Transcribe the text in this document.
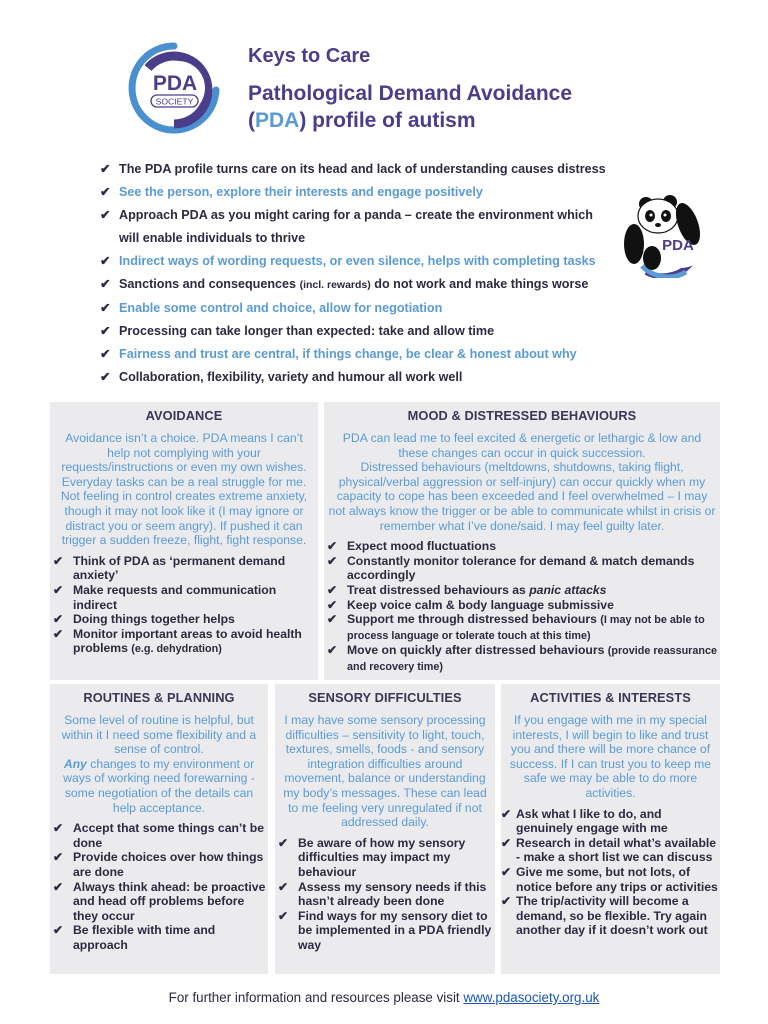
PDA
SOCIETY
Keys to Care
Pathological Demand Avoidance
(PDA) profile of autism
✔ The PDA profile turns care on its head and lack of understanding causes distress
✔ See the person, explore their interests and engage positively
✔ Approach PDA as you might caring for a panda – create the environment which
will enable individuals to thrive
✔ Indirect ways of wording requests, or even silence, helps with completing tasks
✔ Sanctions and consequences (incl. rewards) do not work and make things worse
✔ Enable some control and choice, allow for negotiation
✔ Processing can take longer than expected: take and allow time
✔ Fairness and trust are central, if things change, be clear & honest about why
✔ Collaboration, flexibility, variety and humour all work well
PDA
AVOIDANCE

Avoidance isn’t a choice. PDA means I can’t help not complying with your requests/instructions or even my own wishes. Everyday tasks can be a real struggle for me. Not feeling in control creates extreme anxiety, though it may not look like it (I may ignore or distract you or seem angry). If pushed it can trigger a sudden freeze, flight, fight response.

✔ Think of PDA as ‘permanent demand anxiety’
✔ Make requests and communication indirect
✔ Doing things together helps
✔ Monitor important areas to avoid health problems (e.g. dehydration)
MOOD & DISTRESSED BEHAVIOURS

PDA can lead me to feel excited & energetic or lethargic & low and these changes can occur in quick succession.
Distressed behaviours (meltdowns, shutdowns, taking flight, physical/verbal aggression or self-injury) can occur quickly when my capacity to cope has been exceeded and I feel overwhelmed – I may not always know the trigger or be able to communicate whilst in crisis or remember what I’ve done/said. I may feel guilty later.

✔ Expect mood fluctuations
✔ Constantly monitor tolerance for demand & match demands accordingly
✔ Treat distressed behaviours as panic attacks
✔ Keep voice calm & body language submissive
✔ Support me through distressed behaviours (I may not be able to process language or tolerate touch at this time)
✔ Move on quickly after distressed behaviours (provide reassurance and recovery time)
ROUTINES & PLANNING

Some level of routine is helpful, but within it I need some flexibility and a sense of control.
Any changes to my environment or ways of working need forewarning - some negotiation of the details can help acceptance.

✔ Accept that some things can’t be done
✔ Provide choices over how things are done
✔ Always think ahead: be proactive and head off problems before they occur
✔ Be flexible with time and approach
SENSORY DIFFICULTIES

I may have some sensory processing difficulties – sensitivity to light, touch, textures, smells, foods - and sensory integration difficulties around movement, balance or understanding my body’s messages. These can lead to me feeling very unregulated if not addressed daily.

✔ Be aware of how my sensory difficulties may impact my behaviour
✔ Assess my sensory needs if this hasn’t already been done
✔ Find ways for my sensory diet to be implemented in a PDA friendly way
ACTIVITIES & INTERESTS

If you engage with me in my special interests, I will begin to like and trust you and there will be more chance of success. If I can trust you to keep me safe we may be able to do more activities.

✔ Ask what I like to do, and genuinely engage with me
✔ Research in detail what’s available - make a short list we can discuss
✔ Give me some, but not lots, of notice before any trips or activities
✔ The trip/activity will become a demand, so be flexible. Try again another day if it doesn’t work out
For further information and resources please visit www.pdasociety.org.uk
